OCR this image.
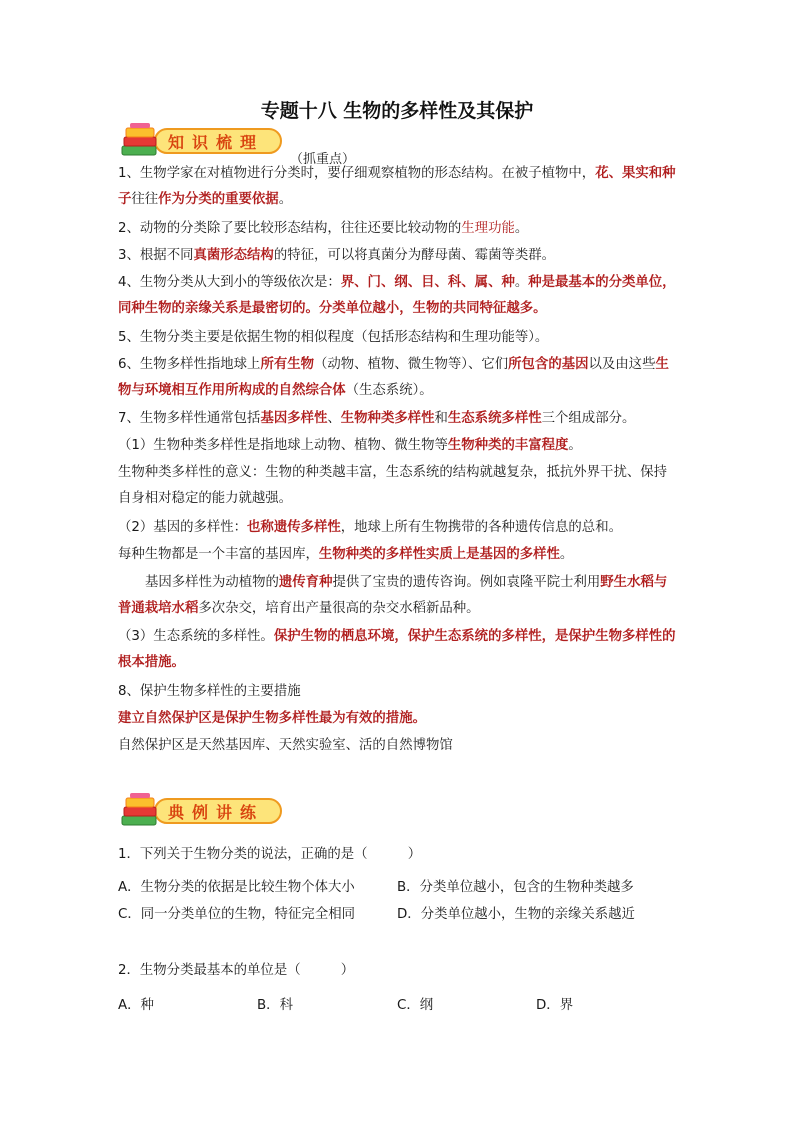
专题十八 生物的多样性及其保护
知识梳理
（抓重点）

1、生物学家在对植物进行分类时，要仔细观察植物的形态结构。在被子植物中，花、果实和种子往往作为分类的重要依据。

2、动物的分类除了要比较形态结构，往往还要比较动物的生理功能。

3、根据不同真菌形态结构的特征，可以将真菌分为酵母菌、霉菌等类群。

4、生物分类从大到小的等级依次是：界、门、纲、目、科、属、种。种是最基本的分类单位，同种生物的亲缘关系是最密切的。分类单位越小，生物的共同特征越多。

5、生物分类主要是依据生物的相似程度（包括形态结构和生理功能等）。

6、生物多样性指地球上所有生物（动物、植物、微生物等）、它们所包含的基因以及由这些生物与环境相互作用所构成的自然综合体（生态系统）。

7、生物多样性通常包括基因多样性、生物种类多样性和生态系统多样性三个组成部分。

（1）生物种类多样性是指地球上动物、植物、微生物等生物种类的丰富程度。

生物种类多样性的意义：生物的种类越丰富，生态系统的结构就越复杂，抵抗外界干扰、保持自身相对稳定的能力就越强。

（2）基因的多样性：也称遗传多样性，地球上所有生物携带的各种遗传信息的总和。

每种生物都是一个丰富的基因库，生物种类的多样性实质上是基因的多样性。

基因多样性为动植物的遗传育种提供了宝贵的遗传咨询。例如袁隆平院士利用野生水稻与普通栽培水稻多次杂交，培育出产量很高的杂交水稻新品种。

（3）生态系统的多样性。保护生物的栖息环境，保护生态系统的多样性，是保护生物多样性的根本措施。

8、保护生物多样性的主要措施

建立自然保护区是保护生物多样性最为有效的措施。

自然保护区是天然基因库、天然实验室、活的自然博物馆

典例讲练
1．下列关于生物分类的说法，正确的是（　　　）
A．生物分类的依据是比较生物个体大小	B．分类单位越小，包含的生物种类越多
C．同一分类单位的生物，特征完全相同	D．分类单位越小，生物的亲缘关系越近
2．生物分类最基本的单位是（　　　）
A．种	B．科	C．纲	D．界
